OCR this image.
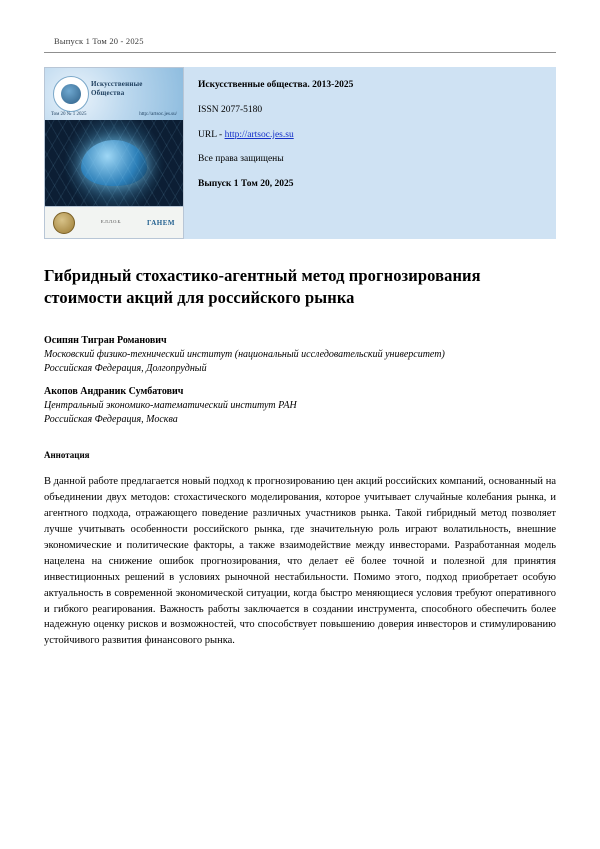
Выпуск 1 Том 20 - 2025
Искусственные Общества
Том 20 № 1 2025	http://artsoc.jes.su/
Е.Л.Л.О.Б.	ГАНЕМ

Искусственные общества. 2013-2025

ISSN 2077-5180

URL - http://artsoc.jes.su

Все права защищены

Выпуск 1 Том 20, 2025

Гибридный стохастико-агентный метод прогнозирования стоимости акций для российского рынка

Осипян Тигран Романович

Московский физико-технический институт (национальный исследовательский университет)

Российская Федерация, Долгопрудный

Акопов Андраник Сумбатович

Центральный экономико-математический институт РАН

Российская Федерация, Москва

Аннотация

В данной работе предлагается новый подход к прогнозированию цен акций российских компаний, основанный на объединении двух методов: стохастического моделирования, которое учитывает случайные колебания рынка, и агентного подхода, отражающего поведение различных участников рынка. Такой гибридный метод позволяет лучше учитывать особенности российского рынка, где значительную роль играют волатильность, внешние экономические и политические факторы, а также взаимодействие между инвесторами. Разработанная модель нацелена на снижение ошибок прогнозирования, что делает её более точной и полезной для принятия инвестиционных решений в условиях рыночной нестабильности. Помимо этого, подход приобретает особую актуальность в современной экономической ситуации, когда быстро меняющиеся условия требуют оперативного и гибкого реагирования. Важность работы заключается в создании инструмента, способного обеспечить более надежную оценку рисков и возможностей, что способствует повышению доверия инвесторов и стимулированию устойчивого развития финансового рынка.
